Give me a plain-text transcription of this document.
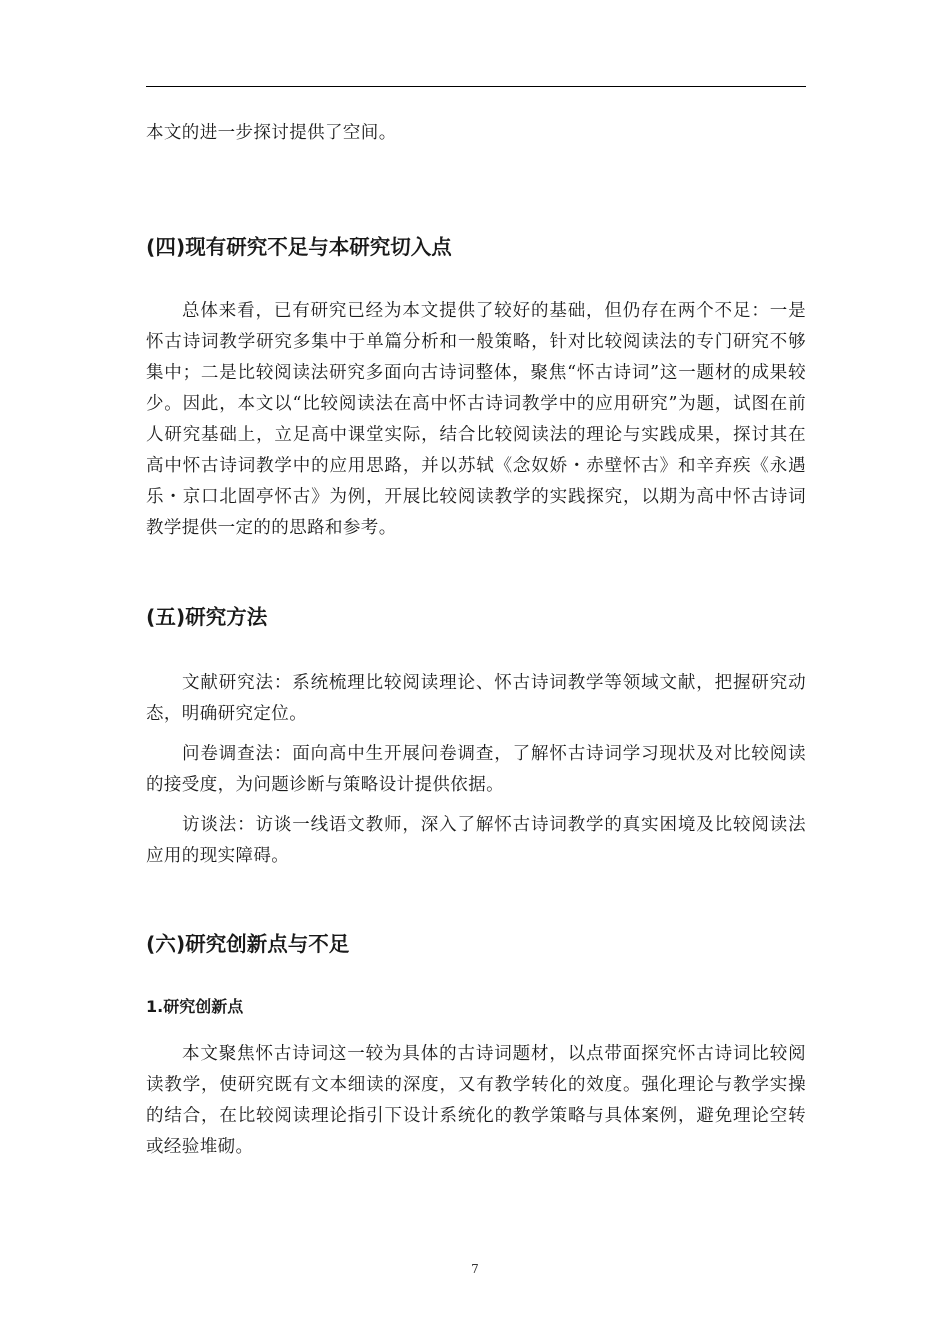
本文的进一步探讨提供了空间。

(四)现有研究不足与本研究切入点

总体来看，已有研究已经为本文提供了较好的基础，但仍存在两个不足：一是怀古诗词教学研究多集中于单篇分析和一般策略，针对比较阅读法的专门研究不够集中；二是比较阅读法研究多面向古诗词整体，聚焦“怀古诗词”这一题材的成果较少。因此，本文以“比较阅读法在高中怀古诗词教学中的应用研究”为题，试图在前人研究基础上，立足高中课堂实际，结合比较阅读法的理论与实践成果，探讨其在高中怀古诗词教学中的应用思路，并以苏轼《念奴娇・赤壁怀古》和辛弃疾《永遇乐・京口北固亭怀古》为例，开展比较阅读教学的实践探究，以期为高中怀古诗词教学提供一定的的思路和参考。

(五)研究方法

文献研究法：系统梳理比较阅读理论、怀古诗词教学等领域文献，把握研究动态，明确研究定位。

问卷调查法：面向高中生开展问卷调查，了解怀古诗词学习现状及对比较阅读的接受度，为问题诊断与策略设计提供依据。

访谈法：访谈一线语文教师，深入了解怀古诗词教学的真实困境及比较阅读法应用的现实障碍。

(六)研究创新点与不足
1.研究创新点

本文聚焦怀古诗词这一较为具体的古诗词题材，以点带面探究怀古诗词比较阅读教学，使研究既有文本细读的深度，又有教学转化的效度。强化理论与教学实操的结合，在比较阅读理论指引下设计系统化的教学策略与具体案例，避免理论空转或经验堆砌。

7
